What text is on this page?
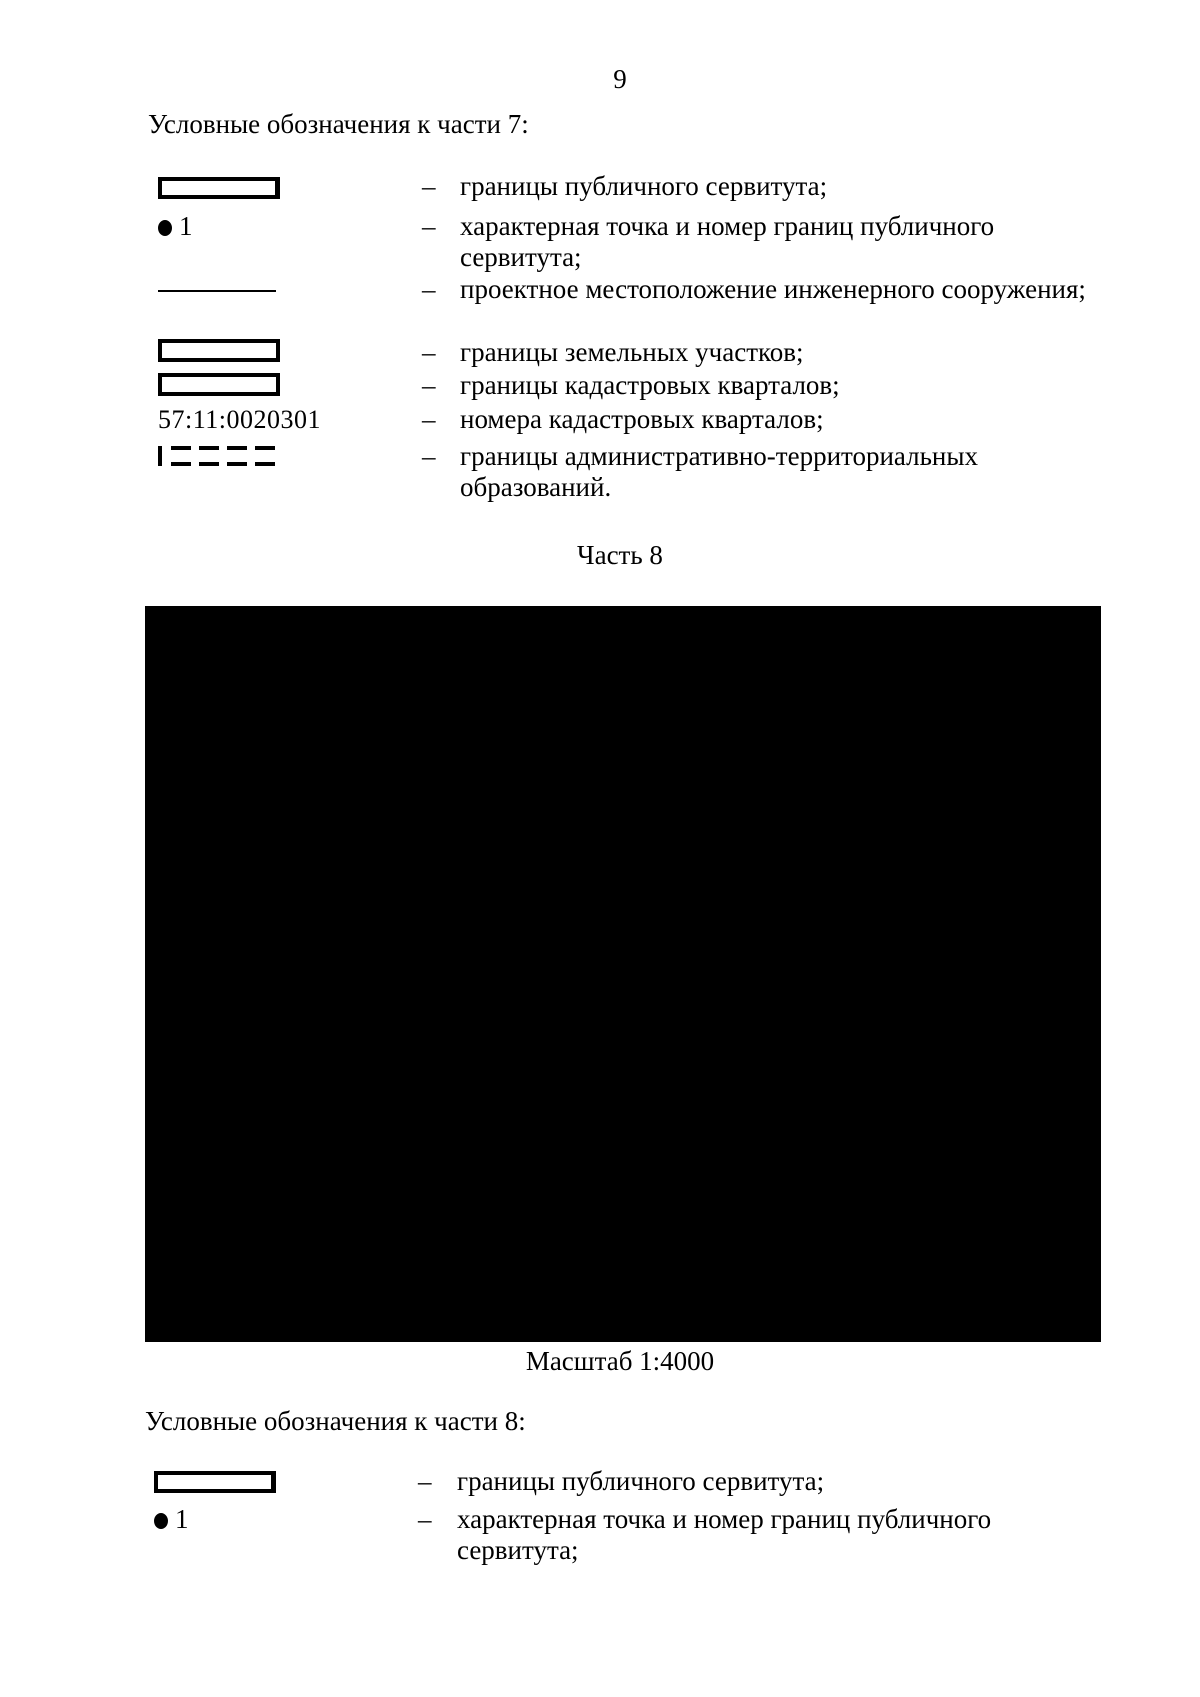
9
Условные обозначения к части 7:
– границы публичного сервитута;
1	– характерная точка и номер границ публичного сервитута;
– проектное местоположение инженерного сооружения;
– границы земельных участков;
– границы кадастровых кварталов;
57:11:0020301	– номера кадастровых кварталов;
– границы административно-территориальных образований.
Часть 8
Масштаб 1:4000
Условные обозначения к части 8:
– границы публичного сервитута;
1	– характерная точка и номер границ публичного сервитута;
